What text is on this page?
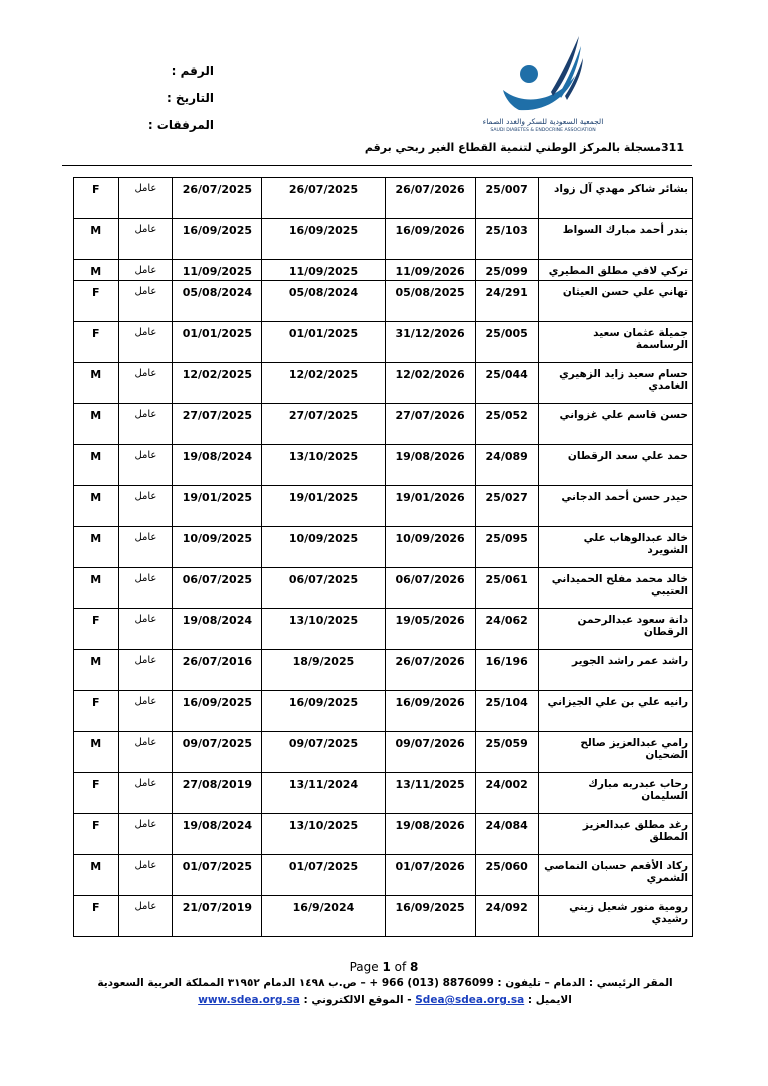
الجمعية السعودية للسكر والغدد الصماء
SAUDI DIABETES & ENDOCRINE ASSOCIATION
الرقم :
التاريخ :
المرفقات :
311مسجلة بالمركز الوطني لتنمية القطاع الغير ربحي برقم
F	عامل	26/07/2025	26/07/2025	26/07/2026	25/007	بشائر شاكر مهدي آل زواد
M	عامل	16/09/2025	16/09/2025	16/09/2026	25/103	بندر أحمد مبارك السواط
M	عامل	11/09/2025	11/09/2025	11/09/2026	25/099	تركي لافي مطلق المطيري
F	عامل	05/08/2024	05/08/2024	05/08/2025	24/291	تهاني علي حسن العيثان
F	عامل	01/01/2025	01/01/2025	31/12/2026	25/005	جميلة عثمان سعيد الرساسمة
M	عامل	12/02/2025	12/02/2025	12/02/2026	25/044	حسام سعيد زايد الزهيري الغامدي
M	عامل	27/07/2025	27/07/2025	27/07/2026	25/052	حسن قاسم علي غزواني
M	عامل	19/08/2024	13/10/2025	19/08/2026	24/089	حمد علي سعد الرقطان
M	عامل	19/01/2025	19/01/2025	19/01/2026	25/027	حيدر حسن أحمد الدجاني
M	عامل	10/09/2025	10/09/2025	10/09/2026	25/095	خالد عبدالوهاب علي الشويرد
M	عامل	06/07/2025	06/07/2025	06/07/2026	25/061	خالد محمد مفلح الحميداني العتيبي
F	عامل	19/08/2024	13/10/2025	19/05/2026	24/062	دانة سعود عبدالرحمن الرقطان
M	عامل	26/07/2016	18/9/2025	26/07/2026	16/196	راشد عمر راشد الجوير
F	عامل	16/09/2025	16/09/2025	16/09/2026	25/104	رانيه علي بن علي الجيزاني
M	عامل	09/07/2025	09/07/2025	09/07/2026	25/059	رامي عبدالعزيز صالح الضحيان
F	عامل	27/08/2019	13/11/2024	13/11/2025	24/002	رحاب عبدربه مبارك السليمان
F	عامل	19/08/2024	13/10/2025	19/08/2026	24/084	رغد مطلق عبدالعزيز المطلق
M	عامل	01/07/2025	01/07/2025	01/07/2026	25/060	ركاد الأقعم حسبان النماصي الشمري
F	عامل	21/07/2019	16/9/2024	16/09/2025	24/092	رومية منور شعيل زيني رشيدي
Page 1 of 8
المقر الرئيسي : الدمام – تليفون : 8876099 (013) 966 + – ص.ب ١٤٩٨ الدمام ٣١٩٥٢ المملكة العربية السعودية
الايميل : Sdea@sdea.org.sa - الموقع الالكتروني : www.sdea.org.sa
